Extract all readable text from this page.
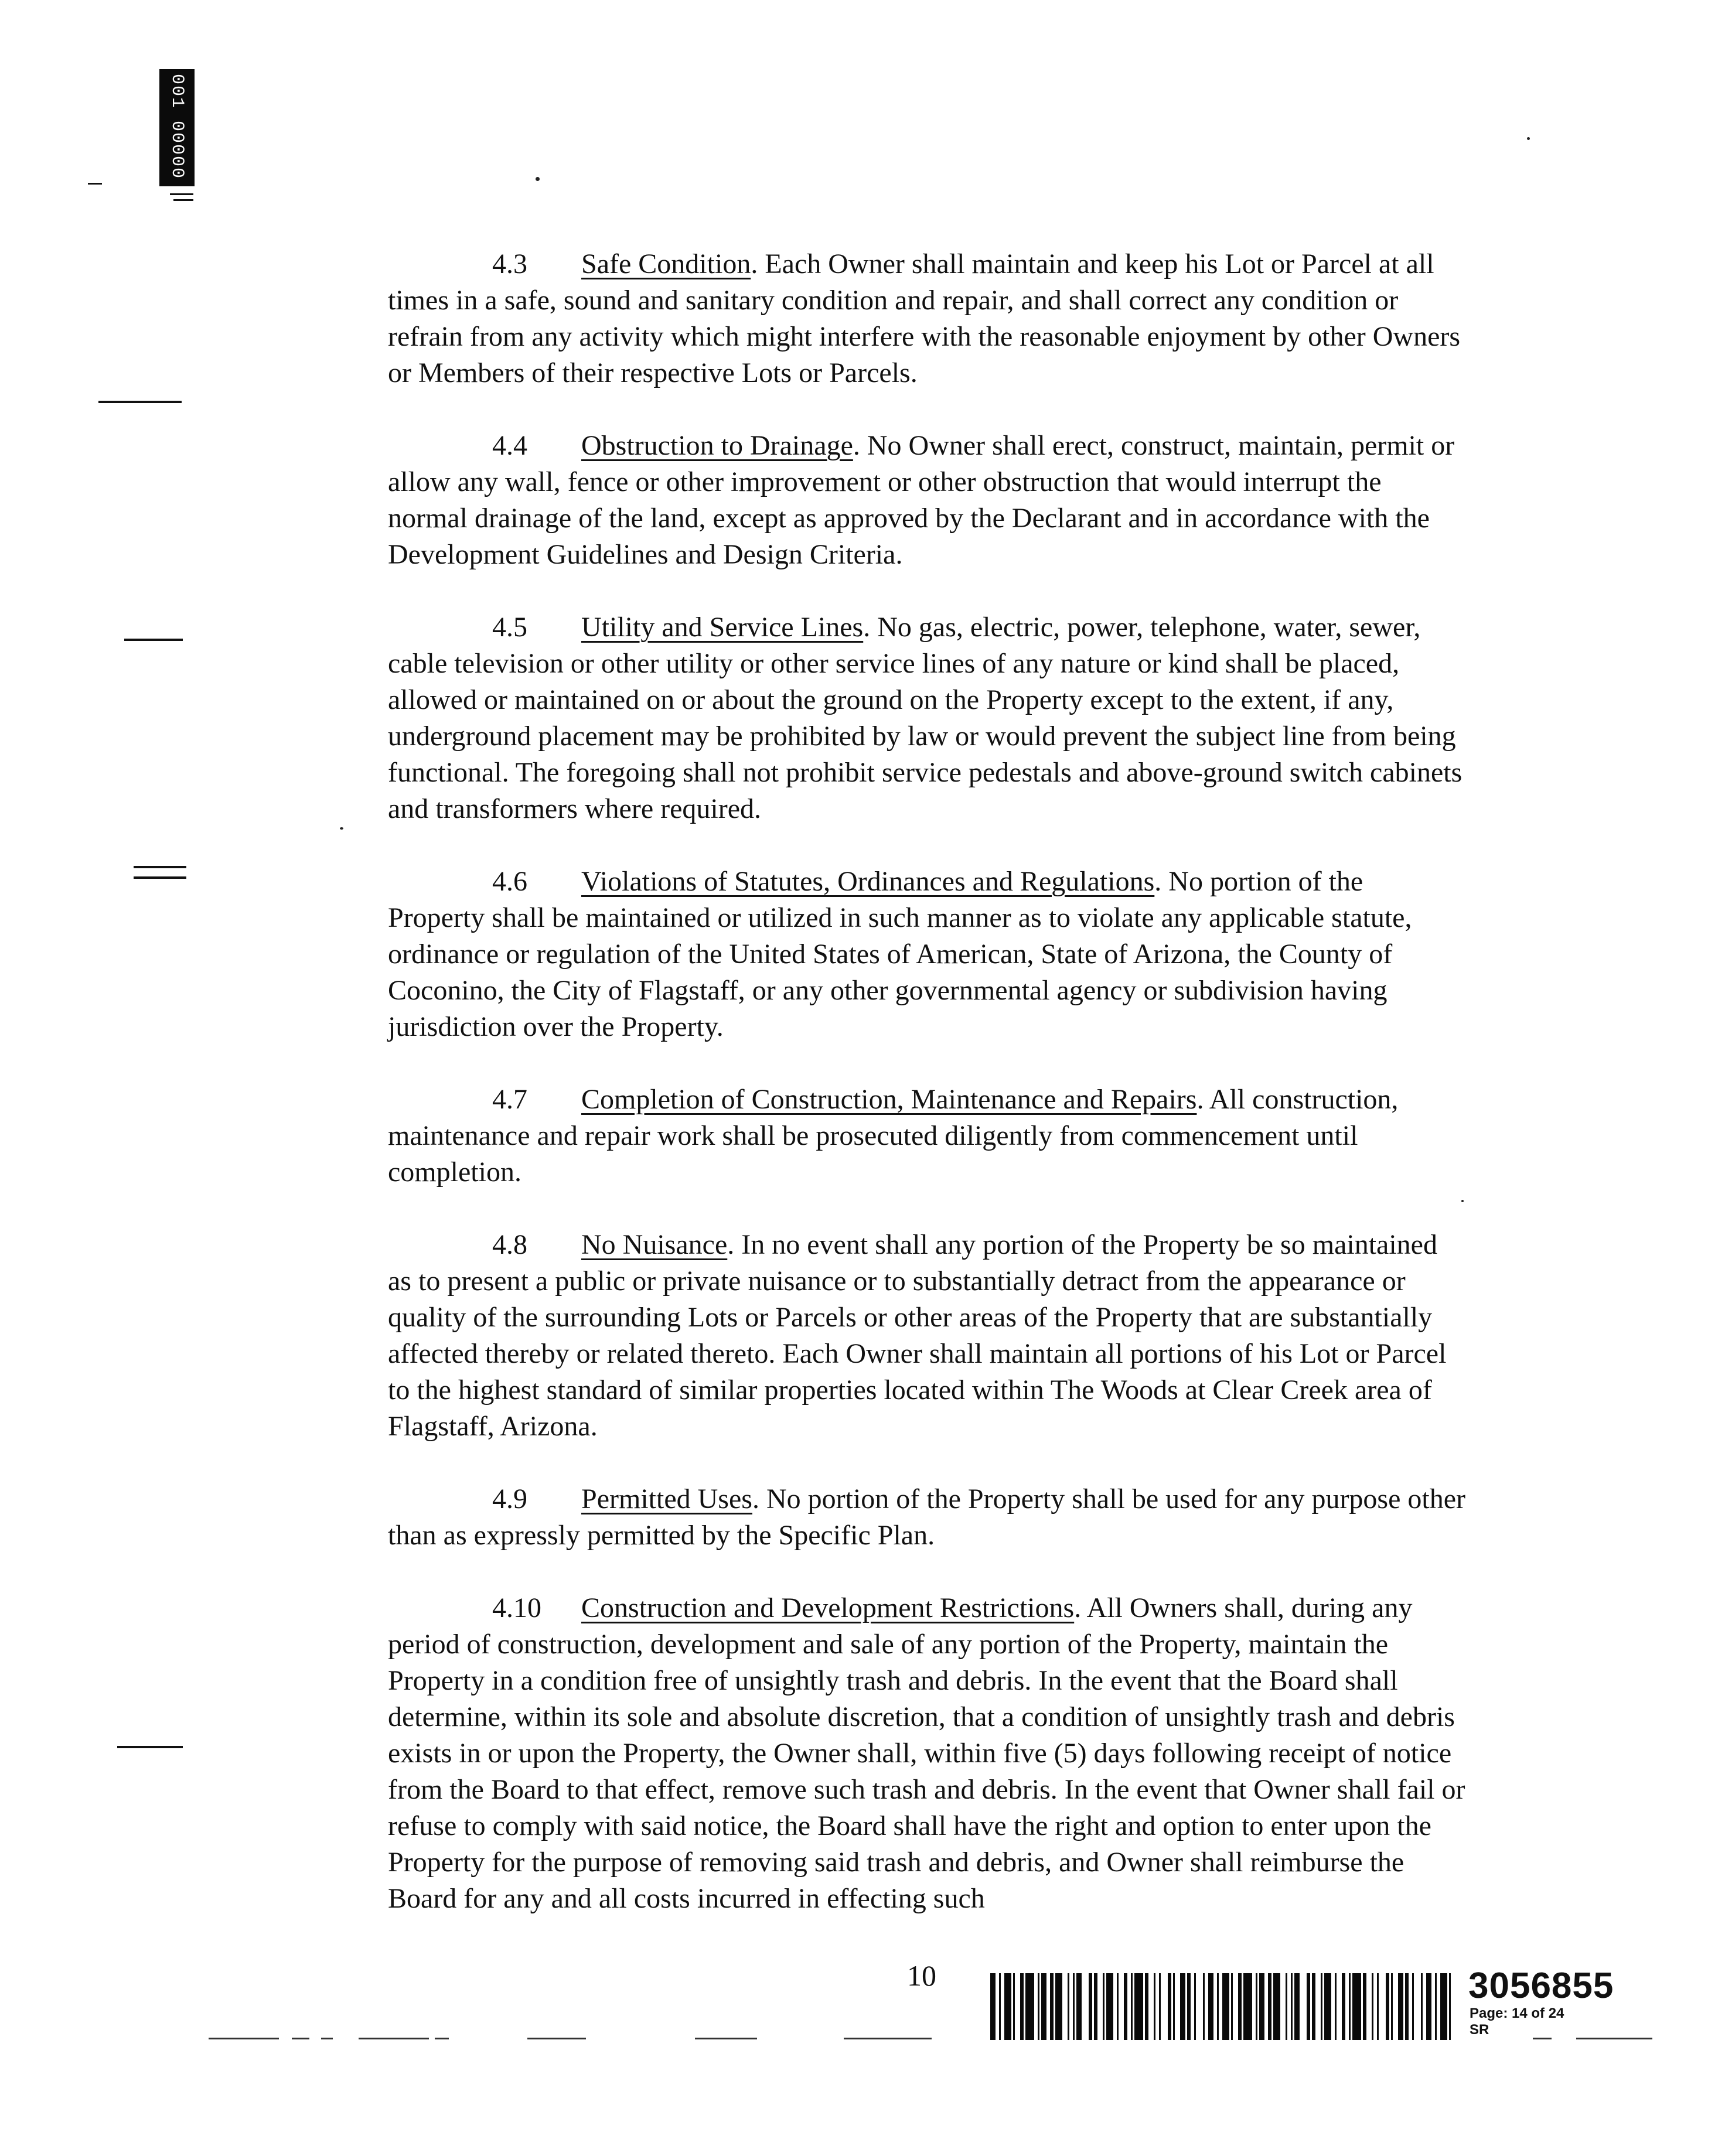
001 00000

4.3 Safe Condition. Each Owner shall maintain and keep his Lot or Parcel at all times in a safe, sound and sanitary condition and repair, and shall correct any condition or refrain from any activity which might interfere with the reasonable enjoyment by other Owners or Members of their respective Lots or Parcels.

4.4 Obstruction to Drainage. No Owner shall erect, construct, maintain, permit or allow any wall, fence or other improvement or other obstruction that would interrupt the normal drainage of the land, except as approved by the Declarant and in accordance with the Development Guidelines and Design Criteria.

4.5 Utility and Service Lines. No gas, electric, power, telephone, water, sewer, cable television or other utility or other service lines of any nature or kind shall be placed, allowed or maintained on or about the ground on the Property except to the extent, if any, underground placement may be prohibited by law or would prevent the subject line from being functional. The foregoing shall not prohibit service pedestals and above-ground switch cabinets and transformers where required.

4.6 Violations of Statutes, Ordinances and Regulations. No portion of the Property shall be maintained or utilized in such manner as to violate any applicable statute, ordinance or regulation of the United States of American, State of Arizona, the County of Coconino, the City of Flagstaff, or any other governmental agency or subdivision having jurisdiction over the Property.

4.7 Completion of Construction, Maintenance and Repairs. All construction, maintenance and repair work shall be prosecuted diligently from commencement until completion.

4.8 No Nuisance. In no event shall any portion of the Property be so maintained as to present a public or private nuisance or to substantially detract from the appearance or quality of the surrounding Lots or Parcels or other areas of the Property that are substantially affected thereby or related thereto. Each Owner shall maintain all portions of his Lot or Parcel to the highest standard of similar properties located within The Woods at Clear Creek area of Flagstaff, Arizona.

4.9 Permitted Uses. No portion of the Property shall be used for any purpose other than as expressly permitted by the Specific Plan.

4.10 Construction and Development Restrictions. All Owners shall, during any period of construction, development and sale of any portion of the Property, maintain the Property in a condition free of unsightly trash and debris. In the event that the Board shall determine, within its sole and absolute discretion, that a condition of unsightly trash and debris exists in or upon the Property, the Owner shall, within five (5) days following receipt of notice from the Board to that effect, remove such trash and debris. In the event that Owner shall fail or refuse to comply with said notice, the Board shall have the right and option to enter upon the Property for the purpose of removing said trash and debris, and Owner shall reimburse the Board for any and all costs incurred in effecting such

10	3056855
Page: 14 of 24
SR
